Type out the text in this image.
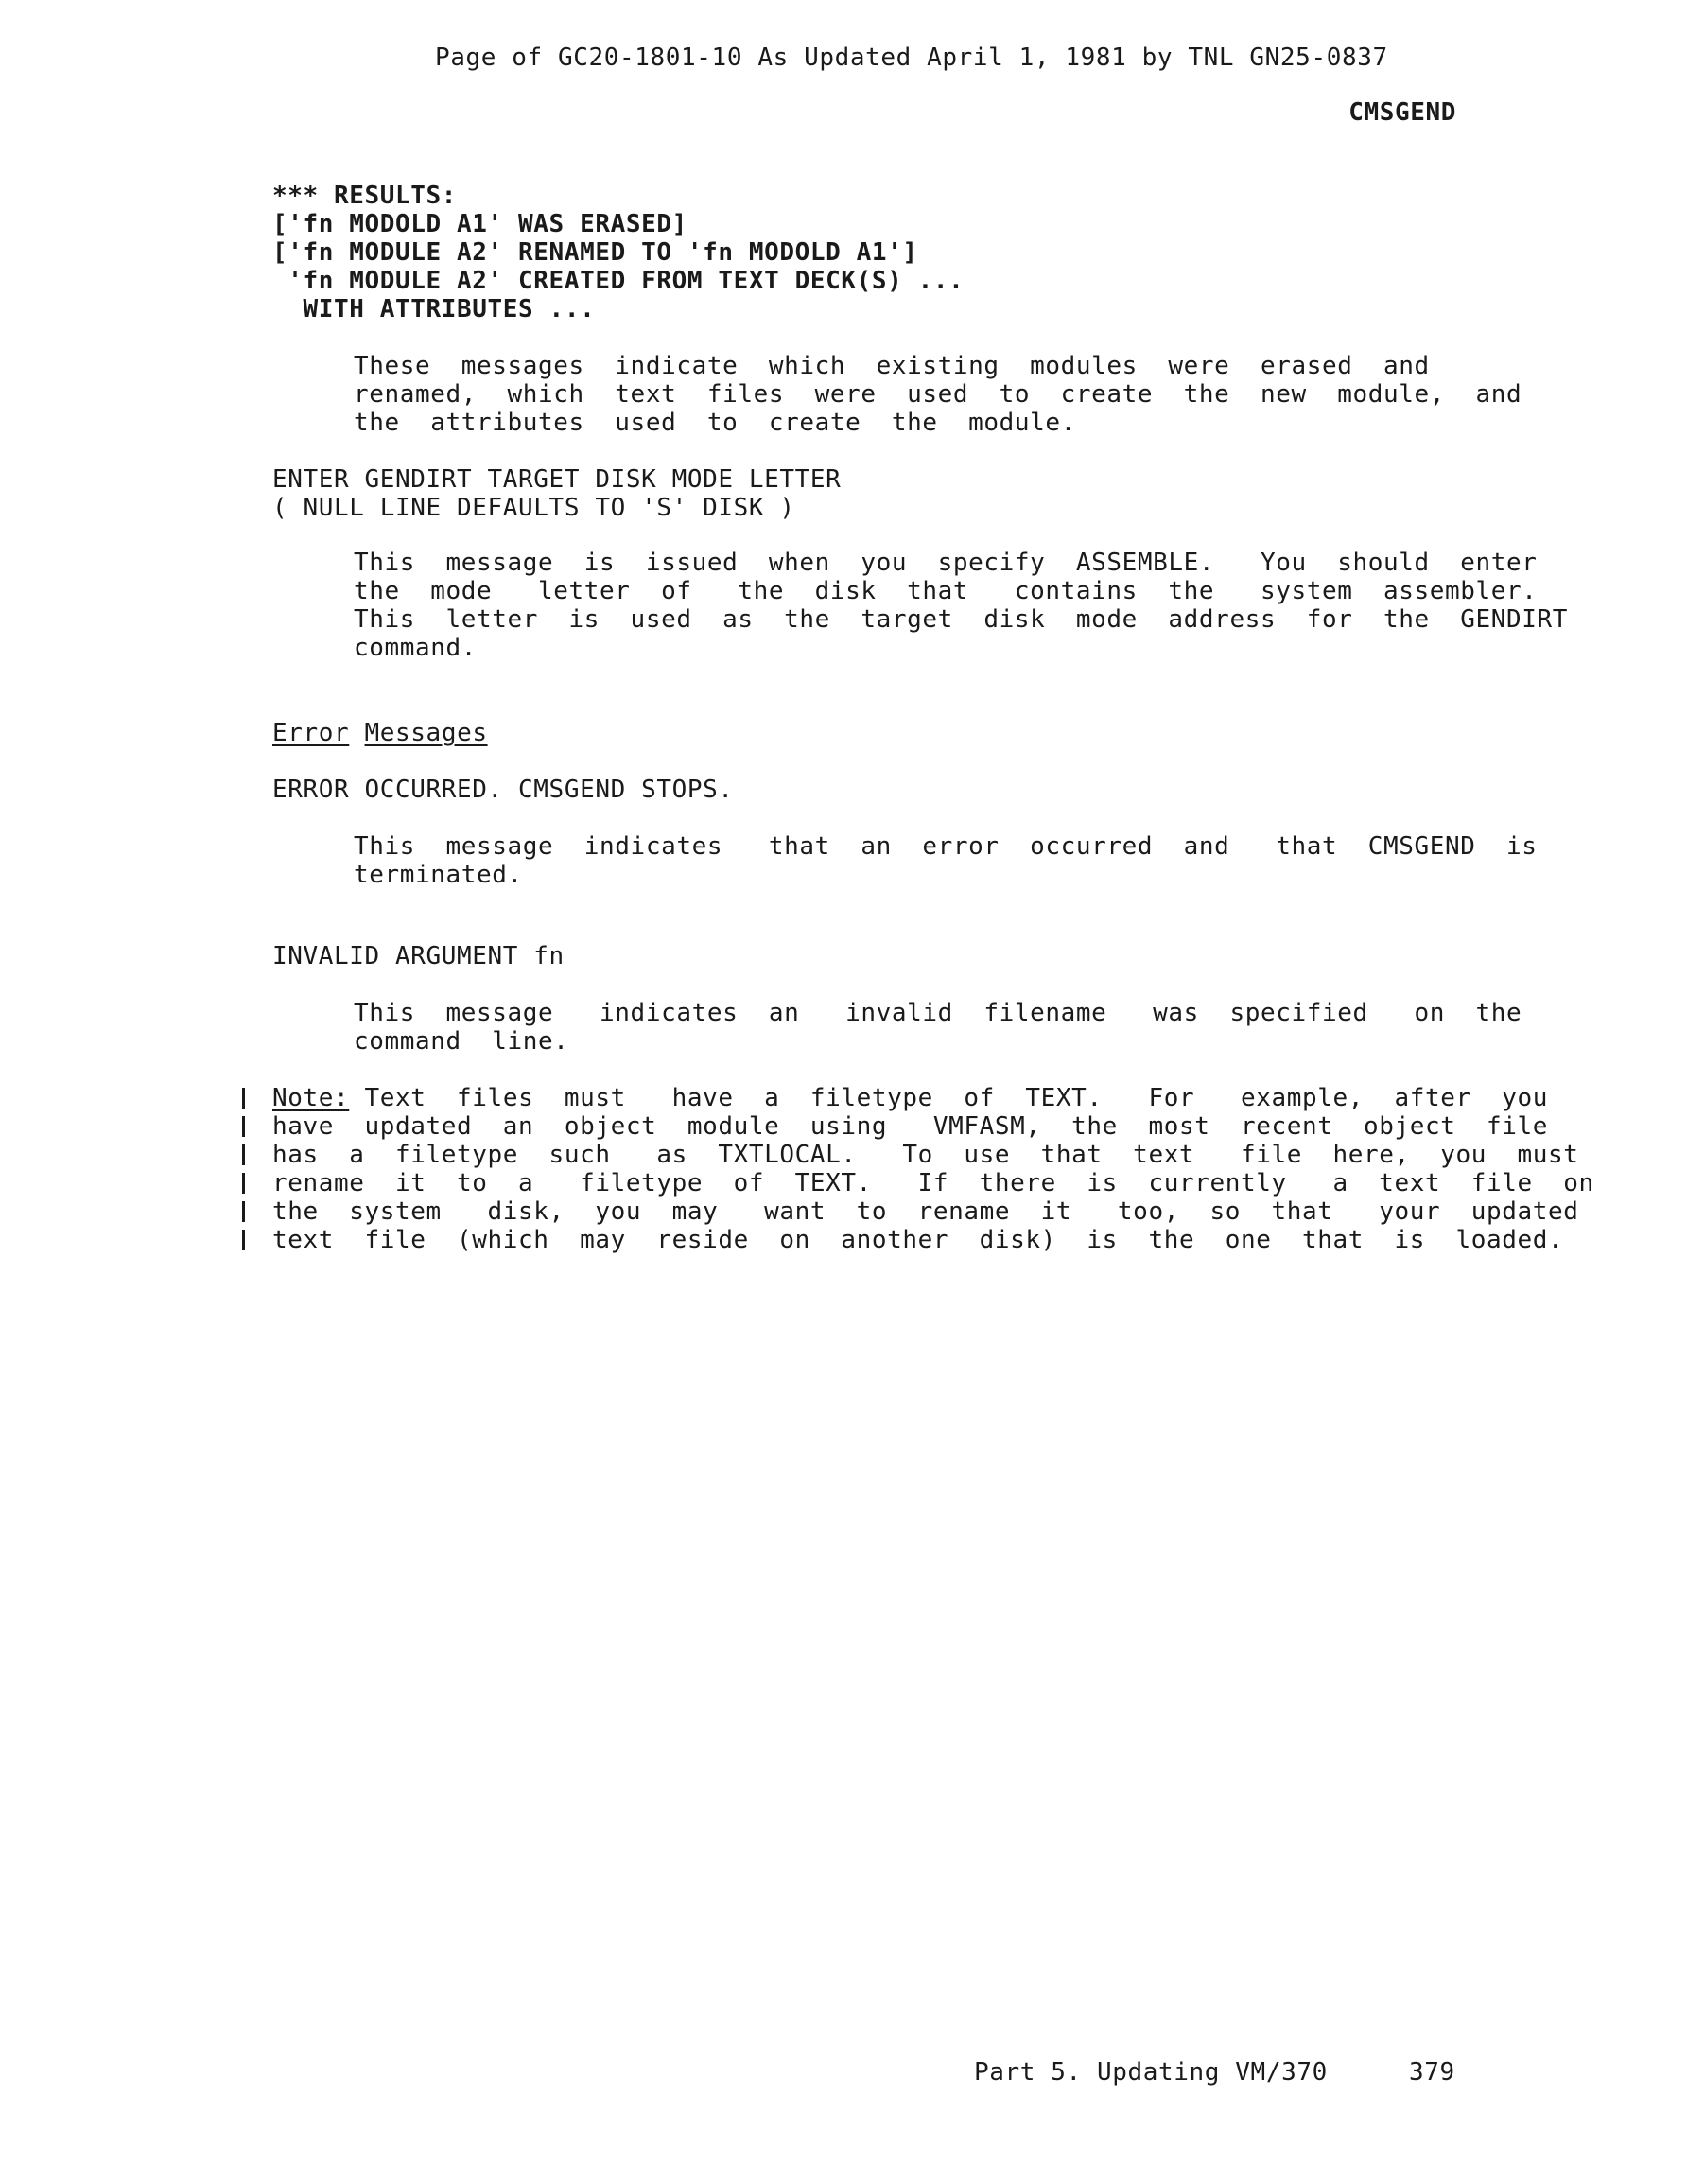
Page of GC20-1801-10 As Updated April 1, 1981 by TNL GN25-0837
CMSGEND
*** RESULTS:
['fn MODOLD A1' WAS ERASED]
['fn MODULE A2' RENAMED TO 'fn MODOLD A1']
'fn MODULE A2' CREATED FROM TEXT DECK(S) ...
WITH ATTRIBUTES ...
These  messages  indicate  which  existing  modules  were  erased  and
renamed,  which  text  files  were  used  to  create  the  new  module,  and
the  attributes  used  to  create  the  module.
ENTER GENDIRT TARGET DISK MODE LETTER
( NULL LINE DEFAULTS TO 'S' DISK )
This  message  is  issued  when  you  specify  ASSEMBLE.   You  should  enter
the  mode   letter  of   the  disk  that   contains  the   system  assembler.
This  letter  is  used  as  the  target  disk  mode  address  for  the  GENDIRT
command.
Error Messages
ERROR OCCURRED. CMSGEND STOPS.
This  message  indicates   that  an  error  occurred  and   that  CMSGEND  is
terminated.
INVALID ARGUMENT fn
This  message   indicates  an   invalid  filename   was  specified   on  the
command  line.
Note: Text  files  must   have  a  filetype  of  TEXT.   For   example,  after  you
have  updated  an  object  module  using   VMFASM,  the  most  recent  object  file
has  a  filetype  such   as  TXTLOCAL.   To  use  that  text   file  here,  you  must
rename  it  to  a   filetype  of  TEXT.   If  there  is  currently   a  text  file  on
the  system   disk,  you  may   want  to  rename  it   too,  so  that   your  updated
text  file  (which  may  reside  on  another  disk)  is  the  one  that  is  loaded.
Part 5. Updating VM/370	379
